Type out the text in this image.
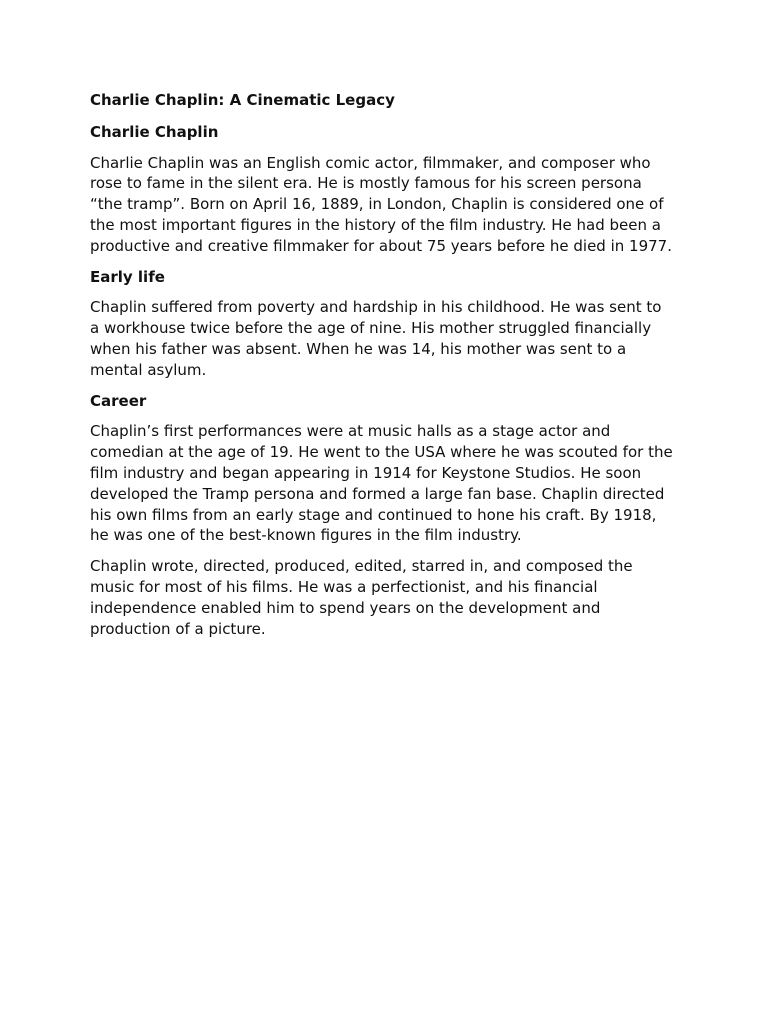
Charlie Chaplin: A Cinematic Legacy
Charlie Chaplin
Charlie Chaplin was an English comic actor, filmmaker, and composer who
rose to fame in the silent era. He is mostly famous for his screen persona
“the tramp”. Born on April 16, 1889, in London, Chaplin is considered one of
the most important figures in the history of the film industry. He had been a
productive and creative filmmaker for about 75 years before he died in 1977.
Early life
Chaplin suffered from poverty and hardship in his childhood. He was sent to
a workhouse twice before the age of nine. His mother struggled financially
when his father was absent. When he was 14, his mother was sent to a
mental asylum.
Career
Chaplin’s first performances were at music halls as a stage actor and
comedian at the age of 19. He went to the USA where he was scouted for the
film industry and began appearing in 1914 for Keystone Studios. He soon
developed the Tramp persona and formed a large fan base. Chaplin directed
his own films from an early stage and continued to hone his craft. By 1918,
he was one of the best-known figures in the film industry.
Chaplin wrote, directed, produced, edited, starred in, and composed the
music for most of his films. He was a perfectionist, and his financial
independence enabled him to spend years on the development and
production of a picture.
